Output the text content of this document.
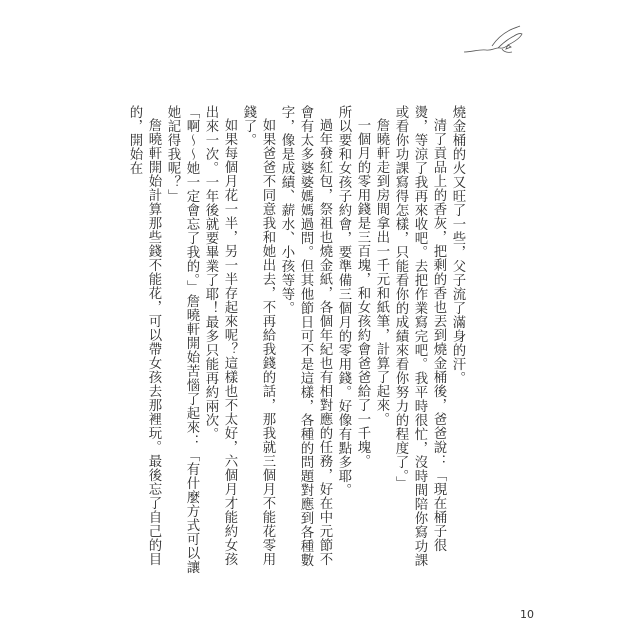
燒金桶的火又旺了一些，父子流了滿身的汗。

清了貢品上的香灰，把剩的香也丟到燒金桶後，爸爸說：「現在桶子很燙，等涼了我再來收吧。去把作業寫完吧。我平時很忙，沒時間陪你寫功課或看你功課寫得怎樣，只能看你的成績來看你努力的程度了。」

詹曉軒走到房間拿出一千元和紙筆，計算了起來。

一個月的零用錢是三百塊，和女孩約會爸爸給了一千塊。

所以要和女孩子約會，要準備三個月的零用錢。好像有點多耶。

過年發紅包，祭祖也燒金紙，各個年紀也有相對應的任務，好在中元節不會有太多婆婆媽媽過問。但其他節日可不是這樣，各種的問題對應到各種數字，像是成績、薪水、小孩等等。

如果爸爸不同意我和她出去，不再給我錢的話，那我就三個月不能花零用錢了。

如果每個月花一半，另一半存起來呢？這樣也不太好，六個月才能約女孩出來一次。一年後就要畢業了耶！最多只能再約兩次。

「啊～～她一定會忘了我的。」詹曉軒開始苦惱了起來：「有什麼方式可以讓她記得我呢？」

詹曉軒開始計算那些錢不能花，可以帶女孩去那裡玩。最後忘了自己的目的，開始在

10
